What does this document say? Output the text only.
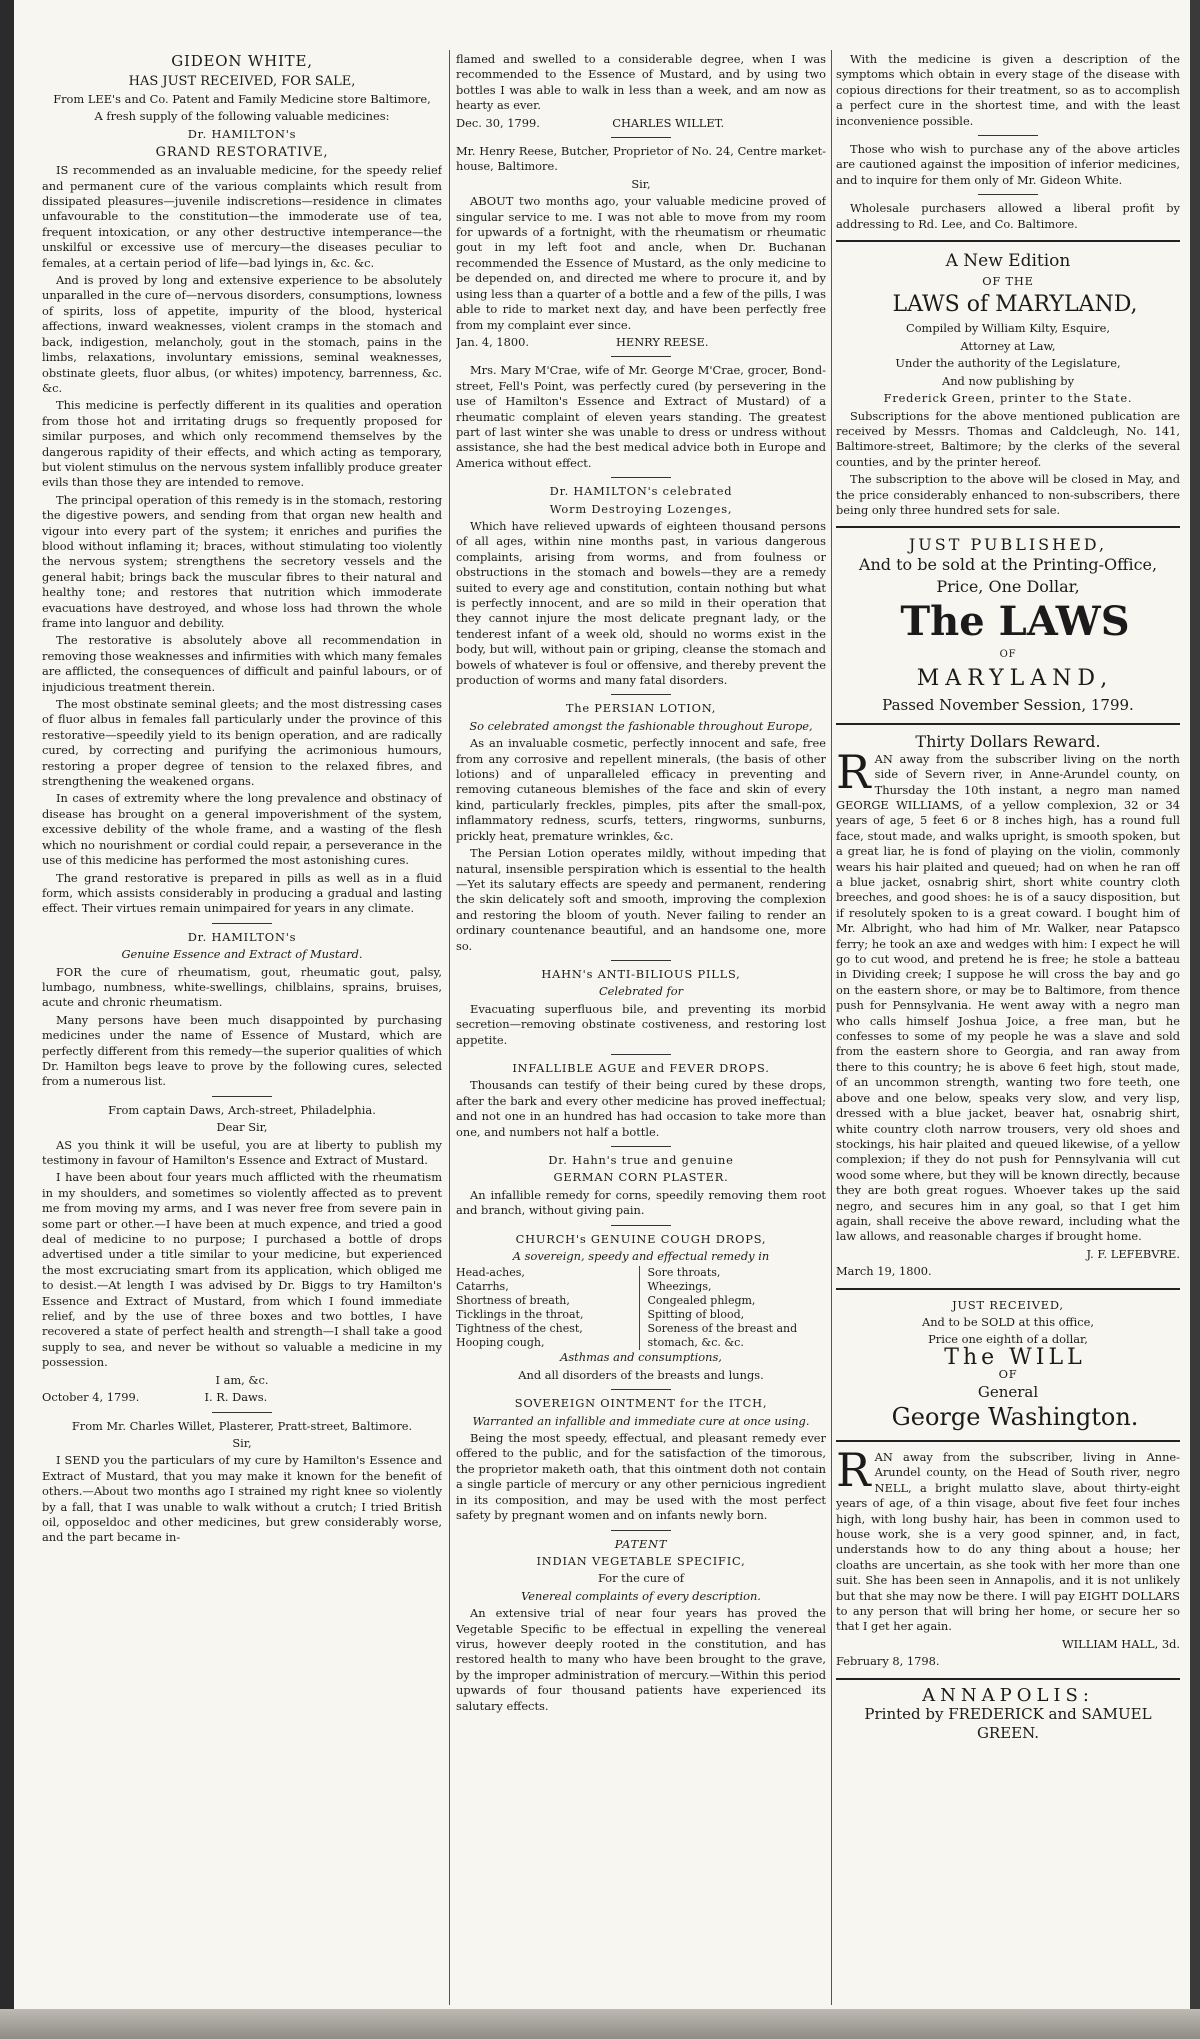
GIDEON WHITE,

HAS JUST RECEIVED, FOR SALE,

From LEE's and Co. Patent and Family Medicine store Baltimore,

A fresh supply of the following valuable medicines:

Dr. HAMILTON's

GRAND RESTORATIVE,

IS recommended as an invaluable medicine, for the speedy relief and permanent cure of the various complaints which result from dissipated pleasures—juvenile indiscretions—residence in climates unfavourable to the constitution—the immoderate use of tea, frequent intoxication, or any other destructive intemperance—the unskilful or excessive use of mercury—the diseases peculiar to females, at a certain period of life—bad lyings in, &c. &c.

And is proved by long and extensive experience to be absolutely unparalled in the cure of—nervous disorders, consumptions, lowness of spirits, loss of appetite, impurity of the blood, hysterical affections, inward weaknesses, violent cramps in the stomach and back, indigestion, melancholy, gout in the stomach, pains in the limbs, relaxations, involuntary emissions, seminal weaknesses, obstinate gleets, fluor albus, (or whites) impotency, barrenness, &c. &c.

This medicine is perfectly different in its qualities and operation from those hot and irritating drugs so frequently proposed for similar purposes, and which only recommend themselves by the dangerous rapidity of their effects, and which acting as temporary, but violent stimulus on the nervous system infallibly produce greater evils than those they are intended to remove.

The principal operation of this remedy is in the stomach, restoring the digestive powers, and sending from that organ new health and vigour into every part of the system; it enriches and purifies the blood without inflaming it; braces, without stimulating too violently the nervous system; strengthens the secretory vessels and the general habit; brings back the muscular fibres to their natural and healthy tone; and restores that nutrition which immoderate evacuations have destroyed, and whose loss had thrown the whole frame into languor and debility.

The restorative is absolutely above all recommendation in removing those weaknesses and infirmities with which many females are afflicted, the consequences of difficult and painful labours, or of injudicious treatment therein.

The most obstinate seminal gleets; and the most distressing cases of fluor albus in females fall particularly under the province of this restorative—speedily yield to its benign operation, and are radically cured, by correcting and purifying the acrimonious humours, restoring a proper degree of tension to the relaxed fibres, and strengthening the weakened organs.

In cases of extremity where the long prevalence and obstinacy of disease has brought on a general impoverishment of the system, excessive debility of the whole frame, and a wasting of the flesh which no nourishment or cordial could repair, a perseverance in the use of this medicine has performed the most astonishing cures.

The grand restorative is prepared in pills as well as in a fluid form, which assists considerably in producing a gradual and lasting effect. Their virtues remain unimpaired for years in any climate.

Dr. HAMILTON's

Genuine Essence and Extract of Mustard.

FOR the cure of rheumatism, gout, rheumatic gout, palsy, lumbago, numbness, white-swellings, chilblains, sprains, bruises, acute and chronic rheumatism.

Many persons have been much disappointed by purchasing medicines under the name of Essence of Mustard, which are perfectly different from this remedy—the superior qualities of which Dr. Hamilton begs leave to prove by the following cures, selected from a numerous list.

From captain Daws, Arch-street, Philadelphia.

Dear Sir,

AS you think it will be useful, you are at liberty to publish my testimony in favour of Hamilton's Essence and Extract of Mustard.

I have been about four years much afflicted with the rheumatism in my shoulders, and sometimes so violently affected as to prevent me from moving my arms, and I was never free from severe pain in some part or other.—I have been at much expence, and tried a good deal of medicine to no purpose; I purchased a bottle of drops advertised under a title similar to your medicine, but experienced the most excruciating smart from its application, which obliged me to desist.—At length I was advised by Dr. Biggs to try Hamilton's Essence and Extract of Mustard, from which I found immediate relief, and by the use of three boxes and two bottles, I have recovered a state of perfect health and strength—I shall take a good supply to sea, and never be without so valuable a medicine in my possession.

I am, &c.

October 4, 1799.	I. R. Daws.

From Mr. Charles Willet, Plasterer, Pratt-street, Baltimore.

Sir,

I SEND you the particulars of my cure by Hamilton's Essence and Extract of Mustard, that you may make it known for the benefit of others.—About two months ago I strained my right knee so violently by a fall, that I was unable to walk without a crutch; I tried British oil, opposeldoc and other medicines, but grew considerably worse, and the part became in-

flamed and swelled to a considerable degree, when I was recommended to the Essence of Mustard, and by using two bottles I was able to walk in less than a week, and am now as hearty as ever.

Dec. 30, 1799.	CHARLES WILLET.

Mr. Henry Reese, Butcher, Proprietor of No. 24, Centre market-house, Baltimore.

Sir,

ABOUT two months ago, your valuable medicine proved of singular service to me. I was not able to move from my room for upwards of a fortnight, with the rheumatism or rheumatic gout in my left foot and ancle, when Dr. Buchanan recommended the Essence of Mustard, as the only medicine to be depended on, and directed me where to procure it, and by using less than a quarter of a bottle and a few of the pills, I was able to ride to market next day, and have been perfectly free from my complaint ever since.

Jan. 4, 1800.	HENRY REESE.

Mrs. Mary M'Crae, wife of Mr. George M'Crae, grocer, Bond-street, Fell's Point, was perfectly cured (by persevering in the use of Hamilton's Essence and Extract of Mustard) of a rheumatic complaint of eleven years standing. The greatest part of last winter she was unable to dress or undress without assistance, she had the best medical advice both in Europe and America without effect.

Dr. HAMILTON's celebrated

Worm Destroying Lozenges,

Which have relieved upwards of eighteen thousand persons of all ages, within nine months past, in various dangerous complaints, arising from worms, and from foulness or obstructions in the stomach and bowels—they are a remedy suited to every age and constitution, contain nothing but what is perfectly innocent, and are so mild in their operation that they cannot injure the most delicate pregnant lady, or the tenderest infant of a week old, should no worms exist in the body, but will, without pain or griping, cleanse the stomach and bowels of whatever is foul or offensive, and thereby prevent the production of worms and many fatal disorders.

The PERSIAN LOTION,

So celebrated amongst the fashionable throughout Europe,

As an invaluable cosmetic, perfectly innocent and safe, free from any corrosive and repellent minerals, (the basis of other lotions) and of unparalleled efficacy in preventing and removing cutaneous blemishes of the face and skin of every kind, particularly freckles, pimples, pits after the small-pox, inflammatory redness, scurfs, tetters, ringworms, sunburns, prickly heat, premature wrinkles, &c.

The Persian Lotion operates mildly, without impeding that natural, insensible perspiration which is essential to the health—Yet its salutary effects are speedy and permanent, rendering the skin delicately soft and smooth, improving the complexion and restoring the bloom of youth. Never failing to render an ordinary countenance beautiful, and an handsome one, more so.

HAHN's ANTI-BILIOUS PILLS,

Celebrated for

Evacuating superfluous bile, and preventing its morbid secretion—removing obstinate costiveness, and restoring lost appetite.

INFALLIBLE AGUE and FEVER DROPS.

Thousands can testify of their being cured by these drops, after the bark and every other medicine has proved ineffectual; and not one in an hundred has had occasion to take more than one, and numbers not half a bottle.

Dr. Hahn's true and genuine

GERMAN CORN PLASTER.

An infallible remedy for corns, speedily removing them root and branch, without giving pain.

CHURCH's GENUINE COUGH DROPS,

A sovereign, speedy and effectual remedy in

Head-aches,
Catarrhs,
Shortness of breath,
Ticklings in the throat,
Tightness of the chest,
Hooping cough,
Sore throats,
Wheezings,
Congealed phlegm,
Spitting of blood,
Soreness of the breast and
stomach, &c. &c.

Asthmas and consumptions,

And all disorders of the breasts and lungs.

SOVEREIGN OINTMENT for the ITCH,

Warranted an infallible and immediate cure at once using.

Being the most speedy, effectual, and pleasant remedy ever offered to the public, and for the satisfaction of the timorous, the proprietor maketh oath, that this ointment doth not contain a single particle of mercury or any other pernicious ingredient in its composition, and may be used with the most perfect safety by pregnant women and on infants newly born.

PATENT

INDIAN VEGETABLE SPECIFIC,

For the cure of

Venereal complaints of every description.

An extensive trial of near four years has proved the Vegetable Specific to be effectual in expelling the venereal virus, however deeply rooted in the constitution, and has restored health to many who have been brought to the grave, by the improper administration of mercury.—Within this period upwards of four thousand patients have experienced its salutary effects.

With the medicine is given a description of the symptoms which obtain in every stage of the disease with copious directions for their treatment, so as to accomplish a perfect cure in the shortest time, and with the least inconvenience possible.

Those who wish to purchase any of the above articles are cautioned against the imposition of inferior medicines, and to inquire for them only of Mr. Gideon White.

Wholesale purchasers allowed a liberal profit by addressing to Rd. Lee, and Co. Baltimore.

A New Edition

OF THE

LAWS of MARYLAND,

Compiled by William Kilty, Esquire,

Attorney at Law,

Under the authority of the Legislature,

And now publishing by

Frederick Green, printer to the State.

Subscriptions for the above mentioned publication are received by Messrs. Thomas and Caldcleugh, No. 141, Baltimore-street, Baltimore; by the clerks of the several counties, and by the printer hereof.

The subscription to the above will be closed in May, and the price considerably enhanced to non-subscribers, there being only three hundred sets for sale.

JUST PUBLISHED,

And to be sold at the Printing-Office,

Price, One Dollar,

The LAWS

OF

MARYLAND,

Passed November Session, 1799.

Thirty Dollars Reward.

RAN away from the subscriber living on the north side of Severn river, in Anne-Arundel county, on Thursday the 10th instant, a negro man named GEORGE WILLIAMS, of a yellow complexion, 32 or 34 years of age, 5 feet 6 or 8 inches high, has a round full face, stout made, and walks upright, is smooth spoken, but a great liar, he is fond of playing on the violin, commonly wears his hair plaited and queued; had on when he ran off a blue jacket, osnabrig shirt, short white country cloth breeches, and good shoes: he is of a saucy disposition, but if resolutely spoken to is a great coward. I bought him of Mr. Albright, who had him of Mr. Walker, near Patapsco ferry; he took an axe and wedges with him: I expect he will go to cut wood, and pretend he is free; he stole a batteau in Dividing creek; I suppose he will cross the bay and go on the eastern shore, or may be to Baltimore, from thence push for Pennsylvania. He went away with a negro man who calls himself Joshua Joice, a free man, but he confesses to some of my people he was a slave and sold from the eastern shore to Georgia, and ran away from there to this country; he is above 6 feet high, stout made, of an uncommon strength, wanting two fore teeth, one above and one below, speaks very slow, and very lisp, dressed with a blue jacket, beaver hat, osnabrig shirt, white country cloth narrow trousers, very old shoes and stockings, his hair plaited and queued likewise, of a yellow complexion; if they do not push for Pennsylvania will cut wood some where, but they will be known directly, because they are both great rogues. Whoever takes up the said negro, and secures him in any goal, so that I get him again, shall receive the above reward, including what the law allows, and reasonable charges if brought home.

J. F. LEFEBVRE.

March 19, 1800.

JUST RECEIVED,

And to be SOLD at this office,

Price one eighth of a dollar,

The WILL

OF

General

George Washington.

RAN away from the subscriber, living in Anne-Arundel county, on the Head of South river, negro NELL, a bright mulatto slave, about thirty-eight years of age, of a thin visage, about five feet four inches high, with long bushy hair, has been in common used to house work, she is a very good spinner, and, in fact, understands how to do any thing about a house; her cloaths are uncertain, as she took with her more than one suit. She has been seen in Annapolis, and it is not unlikely but that she may now be there. I will pay EIGHT DOLLARS to any person that will bring her home, or secure her so that I get her again.

WILLIAM HALL, 3d.

February 8, 1798.

ANNAPOLIS:

Printed by FREDERICK and SAMUEL GREEN.
